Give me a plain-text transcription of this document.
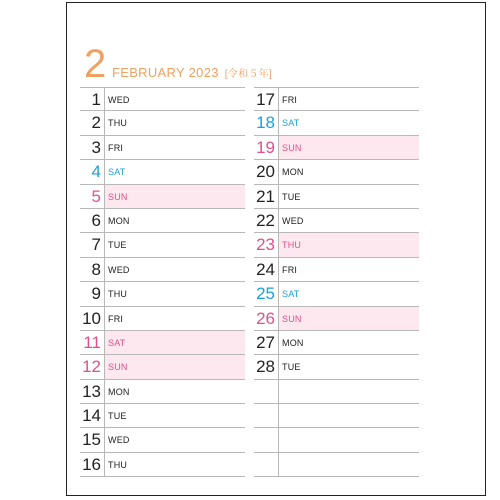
2 FEBRUARY 2023 [令和５年]
1 WED
2 THU
3 FRI
4 SAT
5 SUN
6 MON
7 TUE
8 WED
9 THU
10 FRI
11 SAT
12 SUN
13 MON
14 TUE
15 WED
16 THU
17 FRI
18 SAT
19 SUN
20 MON
21 TUE
22 WED
23 THU
24 FRI
25 SAT
26 SUN
27 MON
28 TUE
